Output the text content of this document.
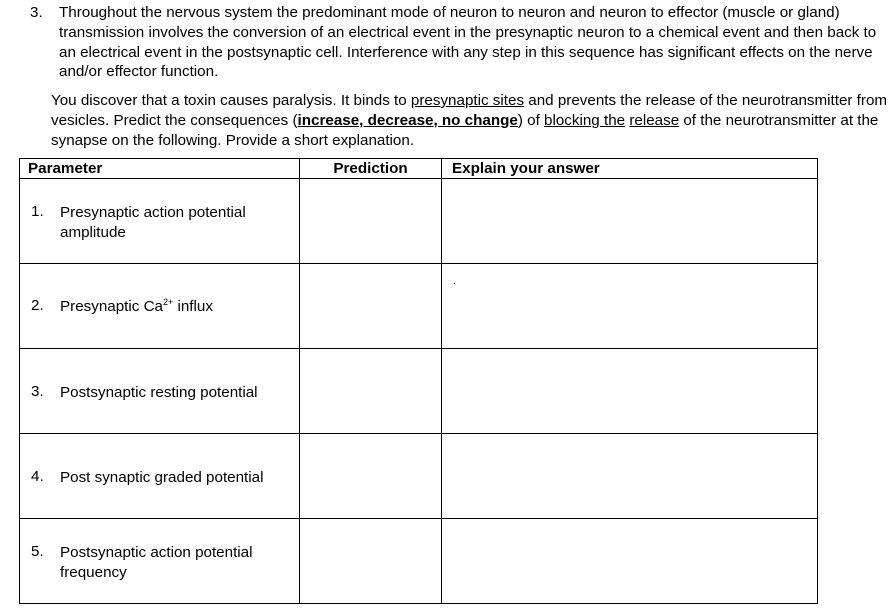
3. Throughout the nervous system the predominant mode of neuron to neuron and neuron to effector (muscle or gland) transmission involves the conversion of an electrical event in the presynaptic neuron to a chemical event and then back to an electrical event in the postsynaptic cell. Interference with any step in this sequence has significant effects on the nerve and/or effector function.
You discover that a toxin causes paralysis. It binds to presynaptic sites and prevents the release of the neurotransmitter from vesicles. Predict the consequences (increase, decrease, no change) of blocking the release of the neurotransmitter at the synapse on the following. Provide a short explanation.
Parameter	Prediction	Explain your answer

1. Presynaptic action potential
amplitude		

2. Presynaptic $Ca^{2+}$ influx		.

3. Postsynaptic resting potential		

4. Post synaptic graded potential		

5. Postsynaptic action potential
frequency		
